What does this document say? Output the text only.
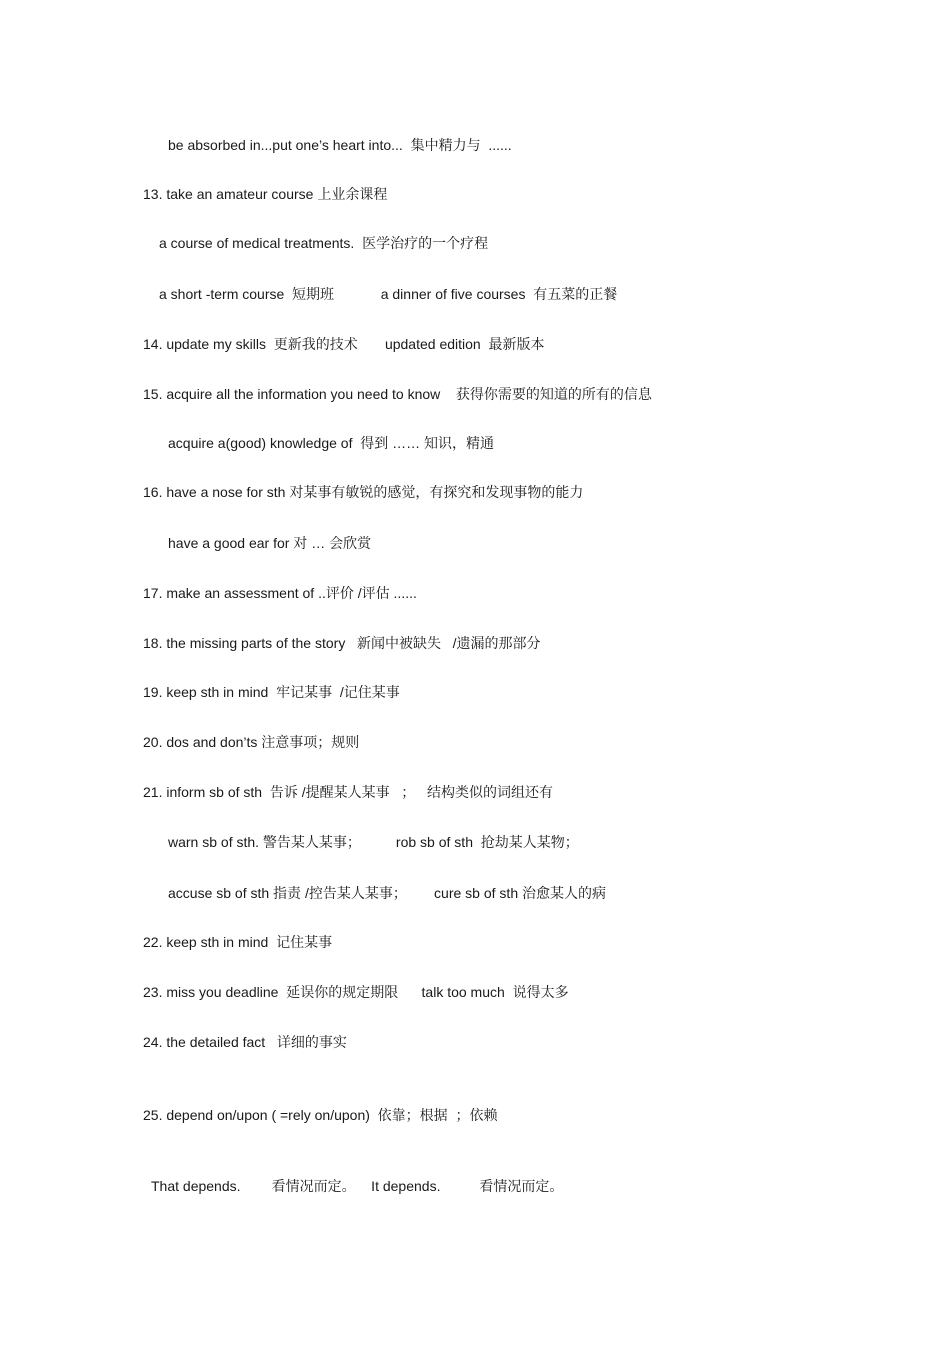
be absorbed in...put one’s heart into...  集中精力与  ......
13. take an amateur course 上业余课程
a course of medical treatments.  医学治疗的一个疗程
a short -term course  短期班            a dinner of five courses  有五菜的正餐
14. update my skills  更新我的技术       updated edition  最新版本
15. acquire all the information you need to know    获得你需要的知道的所有的信息
acquire a(good) knowledge of  得到 …… 知识，精通
16. have a nose for sth 对某事有敏锐的感觉，有探究和发现事物的能力
have a good ear for 对 … 会欣赏
17. make an assessment of ..评价 /评估 ......
18. the missing parts of the story   新闻中被缺失   /遗漏的那部分
19. keep sth in mind  牢记某事  /记住某事
20. dos and don’ts 注意事项；规则
21. inform sb of sth  告诉 /提醒某人某事   ；   结构类似的词组还有
warn sb of sth. 警告某人某事；         rob sb of sth  抢劫某人某物；
accuse sb of sth 指责 /控告某人某事；       cure sb of sth 治愈某人的病
22. keep sth in mind  记住某事
23. miss you deadline  延误你的规定期限      talk too much  说得太多
24. the detailed fact   详细的事实
25. depend on/upon ( =rely on/upon)  依靠；根据  ；依赖
That depends.        看情况而定。    It depends.          看情况而定。
